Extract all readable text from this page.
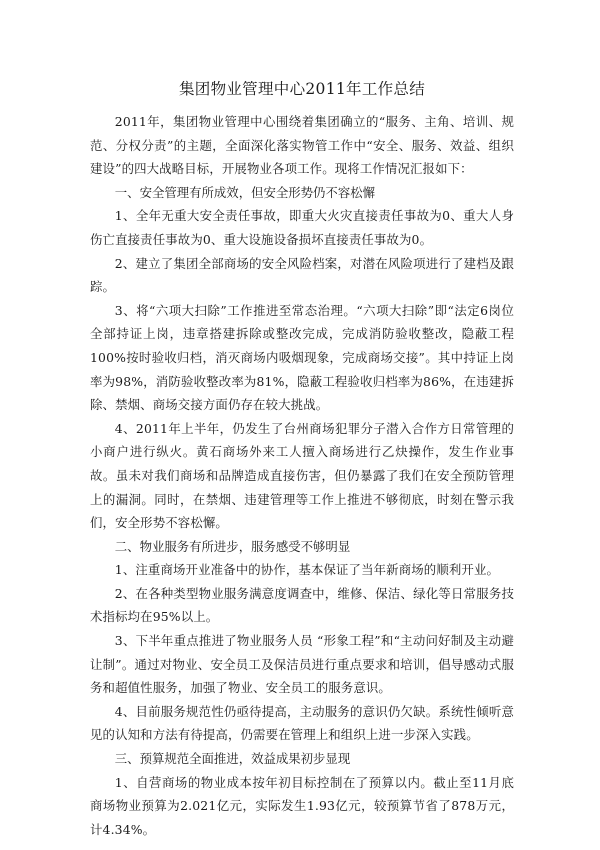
集团物业管理中心2011年工作总结

2011年，集团物业管理中心围绕着集团确立的“服务、主角、培训、规范、分权分责”的主题，全面深化落实物管工作中“安全、服务、效益、组织建设”的四大战略目标，开展物业各项工作。现将工作情况汇报如下：

一、安全管理有所成效，但安全形势仍不容松懈

1、全年无重大安全责任事故，即重大火灾直接责任事故为0、重大人身伤亡直接责任事故为0、重大设施设备损坏直接责任事故为0。

2、建立了集团全部商场的安全风险档案，对潜在风险项进行了建档及跟踪。

3、将“六项大扫除”工作推进至常态治理。“六项大扫除”即“法定6岗位全部持证上岗，违章搭建拆除或整改完成，完成消防验收整改，隐蔽工程100%按时验收归档，消灭商场内吸烟现象，完成商场交接”。其中持证上岗率为98%，消防验收整改率为81%，隐蔽工程验收归档率为86%，在违建拆除、禁烟、商场交接方面仍存在较大挑战。

4、2011年上半年，仍发生了台州商场犯罪分子潜入合作方日常管理的小商户进行纵火。黄石商场外来工人擅入商场进行乙炔操作，发生作业事故。虽未对我们商场和品牌造成直接伤害，但仍暴露了我们在安全预防管理上的漏洞。同时，在禁烟、违建管理等工作上推进不够彻底，时刻在警示我们，安全形势不容松懈。

二、物业服务有所进步，服务感受不够明显

1、注重商场开业准备中的协作，基本保证了当年新商场的顺利开业。

2、在各种类型物业服务满意度调查中，维修、保洁、绿化等日常服务技术指标均在95%以上。

3、下半年重点推进了物业服务人员 “形象工程”和“主动问好制及主动避让制”。通过对物业、安全员工及保洁员进行重点要求和培训，倡导感动式服务和超值性服务，加强了物业、安全员工的服务意识。

4、目前服务规范性仍亟待提高，主动服务的意识仍欠缺。系统性倾听意见的认知和方法有待提高，仍需要在管理上和组织上进一步深入实践。

三、预算规范全面推进，效益成果初步显现

1、自营商场的物业成本按年初目标控制在了预算以内。截止至11月底商场物业预算为2.021亿元，实际发生1.93亿元，较预算节省了878万元，计4.34%。
